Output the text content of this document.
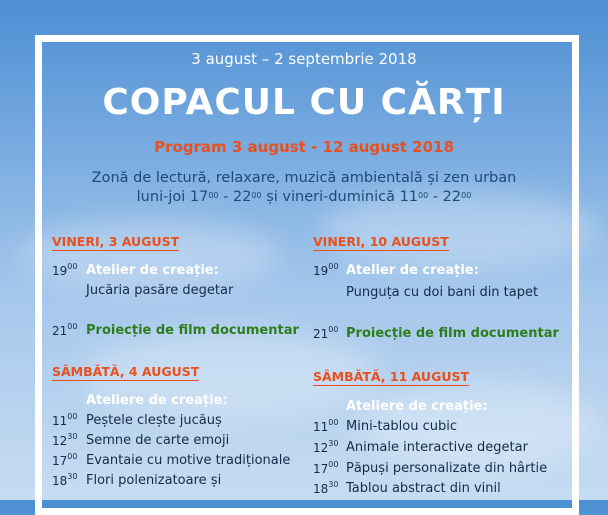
3 august – 2 septembrie 2018
COPACUL CU CĂRȚI
Program 3 august - 12 august 2018
Zonă de lectură, relaxare, muzică ambientală și zen urban
luni-joi $17^{00} - 22^{00}$ și vineri-duminică $11^{00} - 22^{00}$
VINERI, 3 AUGUST
$19^{00}$ Atelier de creație:
Jucăria pasăre degetar
$21^{00}$ Proiecție de film documentar
SÂMBĂTĂ, 4 AUGUST
Ateliere de creație:
$11^{00}$ Peștele clește jucăuș
$12^{30}$ Semne de carte emoji
$17^{00}$ Evantaie cu motive tradiționale
$18^{30}$ Flori polenizatoare și
VINERI, 10 AUGUST
$19^{00}$ Atelier de creație:
Punguța cu doi bani din tapet
$21^{00}$ Proiecție de film documentar
SÂMBĂTĂ, 11 AUGUST
Ateliere de creație:
$11^{00}$ Mini-tablou cubic
$12^{30}$ Animale interactive degetar
$17^{00}$ Păpuși personalizate din hârtie
$18^{30}$ Tablou abstract din vinil
